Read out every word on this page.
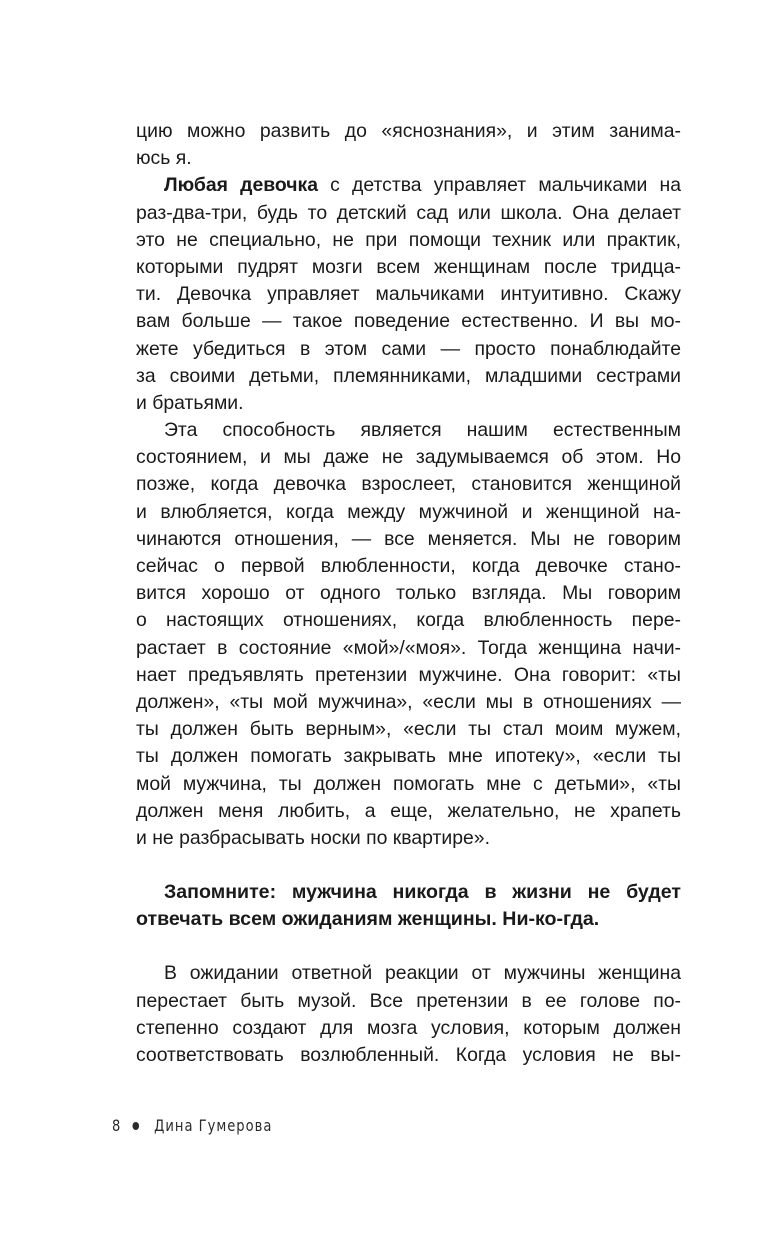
цию можно развить до «яснознания», и этим занима-
юсь я.
Любая девочка с детства управляет мальчиками на
раз-два-три, будь то детский сад или школа. Она делает
это не специально, не при помощи техник или практик,
которыми пудрят мозги всем женщинам после тридца-
ти. Девочка управляет мальчиками интуитивно. Скажу
вам больше — такое поведение естественно. И вы мо-
жете убедиться в этом сами — просто понаблюдайте
за своими детьми, племянниками, младшими сестрами
и братьями.
Эта способность является нашим естественным
состоянием, и мы даже не задумываемся об этом. Но
позже, когда девочка взрослеет, становится женщиной
и влюбляется, когда между мужчиной и женщиной на-
чинаются отношения, — все меняется. Мы не говорим
сейчас о первой влюбленности, когда девочке стано-
вится хорошо от одного только взгляда. Мы говорим
о настоящих отношениях, когда влюбленность пере-
растает в состояние «мой»/«моя». Тогда женщина начи-
нает предъявлять претензии мужчине. Она говорит: «ты
должен», «ты мой мужчина», «если мы в отношениях —
ты должен быть верным», «если ты стал моим мужем,
ты должен помогать закрывать мне ипотеку», «если ты
мой мужчина, ты должен помогать мне с детьми», «ты
должен меня любить, а еще, желательно, не храпеть
и не разбрасывать носки по квартире».
Запомните: мужчина никогда в жизни не будет
отвечать всем ожиданиям женщины. Ни-ко-гда.
В ожидании ответной реакции от мужчины женщина
перестает быть музой. Все претензии в ее голове по-
степенно создают для мозга условия, которым должен
соответствовать возлюбленный. Когда условия не вы-
8 Дина Гумерова
